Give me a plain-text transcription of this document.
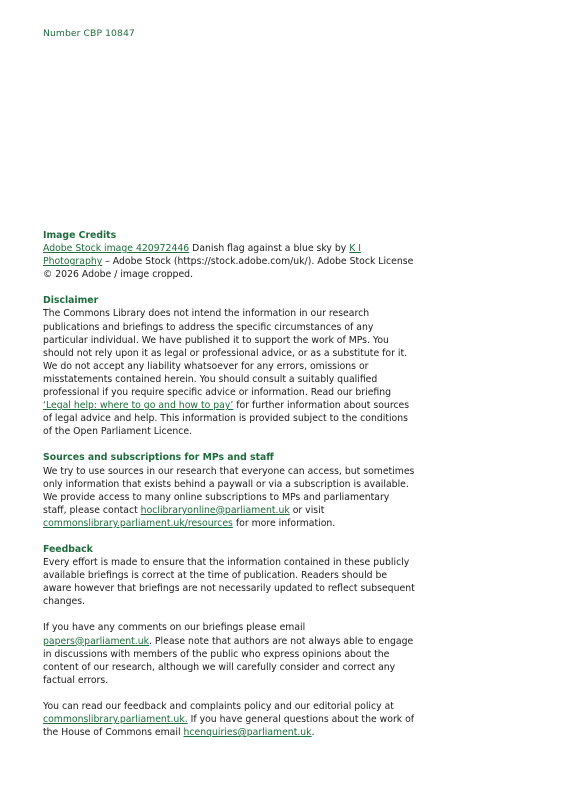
Number CBP 10847

Image Credits

Adobe Stock image 420972446 Danish flag against a blue sky by K I Photography – Adobe Stock (https://stock.adobe.com/uk/). Adobe Stock License © 2026 Adobe / image cropped.

Disclaimer

The Commons Library does not intend the information in our research publications and briefings to address the specific circumstances of any particular individual. We have published it to support the work of MPs. You should not rely upon it as legal or professional advice, or as a substitute for it. We do not accept any liability whatsoever for any errors, omissions or misstatements contained herein. You should consult a suitably qualified professional if you require specific advice or information. Read our briefing ‘Legal help: where to go and how to pay’ for further information about sources of legal advice and help. This information is provided subject to the conditions of the Open Parliament Licence.

Sources and subscriptions for MPs and staff

We try to use sources in our research that everyone can access, but sometimes only information that exists behind a paywall or via a subscription is available. We provide access to many online subscriptions to MPs and parliamentary staff, please contact hoclibraryonline@parliament.uk or visit commonslibrary.parliament.uk/resources for more information.

Feedback

Every effort is made to ensure that the information contained in these publicly available briefings is correct at the time of publication. Readers should be aware however that briefings are not necessarily updated to reflect subsequent changes.

If you have any comments on our briefings please email papers@parliament.uk. Please note that authors are not always able to engage in discussions with members of the public who express opinions about the content of our research, although we will carefully consider and correct any factual errors.

You can read our feedback and complaints policy and our editorial policy at commonslibrary.parliament.uk. If you have general questions about the work of the House of Commons email hcenquiries@parliament.uk.
